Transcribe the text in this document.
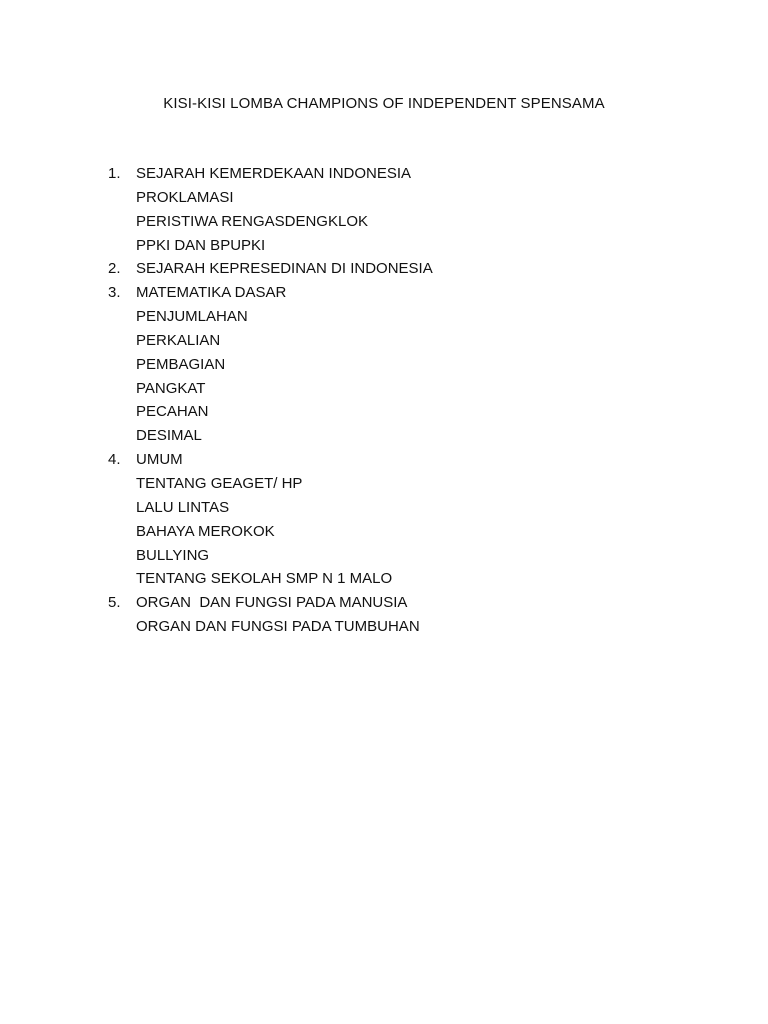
KISI-KISI LOMBA CHAMPIONS OF INDEPENDENT SPENSAMA
1. SEJARAH KEMERDEKAAN INDONESIA
PROKLAMASI
PERISTIWA RENGASDENGKLOK
PPKI DAN BPUPKI
2. SEJARAH KEPRESEDINAN DI INDONESIA
3. MATEMATIKA DASAR
PENJUMLAHAN
PERKALIAN
PEMBAGIAN
PANGKAT
PECAHAN
DESIMAL
4. UMUM
TENTANG GEAGET/ HP
LALU LINTAS
BAHAYA MEROKOK
BULLYING
TENTANG SEKOLAH SMP N 1 MALO
5. ORGAN  DAN FUNGSI PADA MANUSIA
ORGAN DAN FUNGSI PADA TUMBUHAN
